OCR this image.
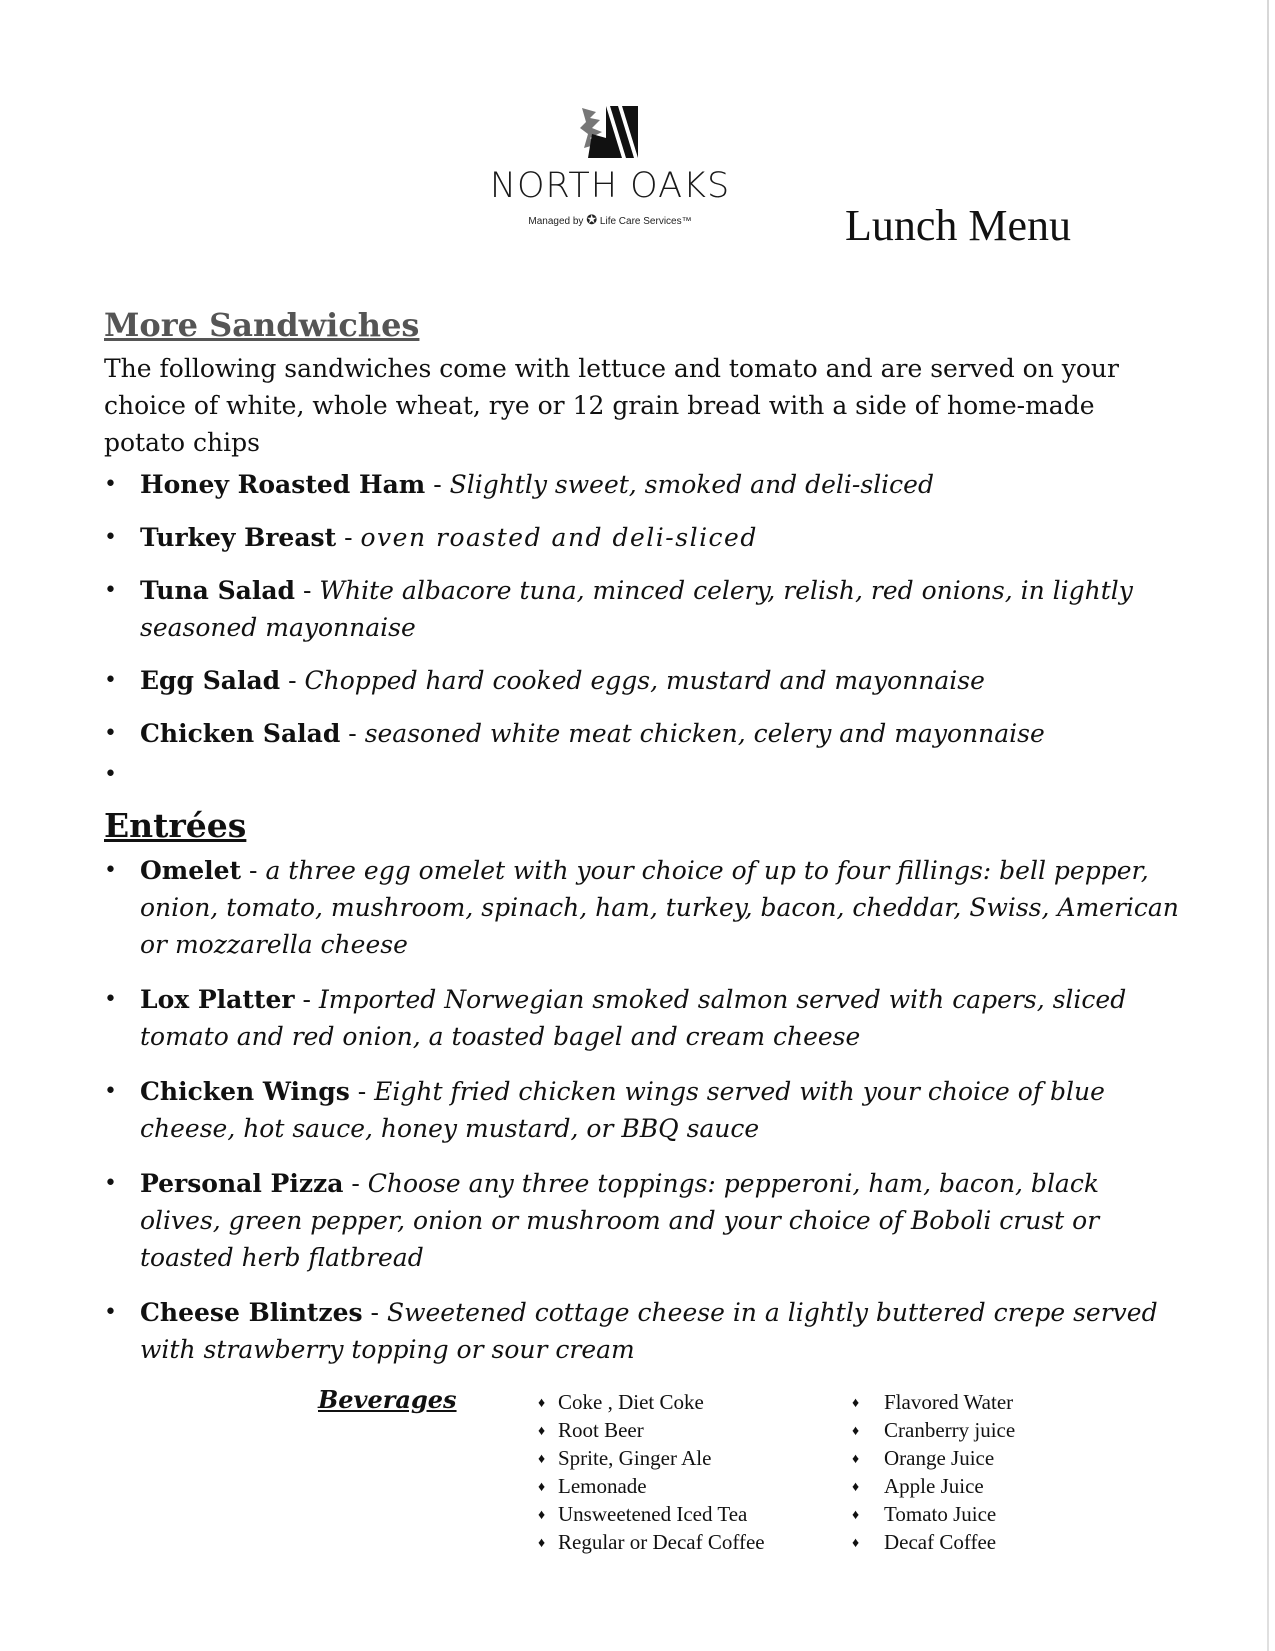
NORTH OAKS
Managed by ✪ Life Care Services™	Lunch Menu
More Sandwiches

The following sandwiches come with lettuce and tomato and are served on your choice of white, whole wheat, rye or 12 grain bread with a side of home-made potato chips

• Honey Roasted Ham - Slightly sweet, smoked and deli-sliced
• Turkey Breast - oven roasted and deli-sliced
• Tuna Salad - White albacore tuna, minced celery, relish, red onions, in lightly seasoned mayonnaise
• Egg Salad - Chopped hard cooked eggs, mustard and mayonnaise
• Chicken Salad - seasoned white meat chicken, celery and mayonnaise
•
Entrées
• Omelet - a three egg omelet with your choice of up to four fillings: bell pepper, onion, tomato, mushroom, spinach, ham, turkey, bacon, cheddar, Swiss, American or mozzarella cheese
• Lox Platter - Imported Norwegian smoked salmon served with capers, sliced tomato and red onion, a toasted bagel and cream cheese
• Chicken Wings - Eight fried chicken wings served with your choice of blue cheese, hot sauce, honey mustard, or BBQ sauce
• Personal Pizza - Choose any three toppings: pepperoni, ham, bacon, black olives, green pepper, onion or mushroom and your choice of Boboli crust or toasted herb flatbread
• Cheese Blintzes - Sweetened cottage cheese in a lightly buttered crepe served with strawberry topping or sour cream
Beverages
♦	Coke , Diet Coke
♦ Root Beer
♦ Sprite, Ginger Ale
♦ Lemonade
♦ Unsweetened Iced Tea
♦ Regular or Decaf Coffee
♦ Flavored Water
♦ Cranberry juice
♦ Orange Juice
♦ Apple Juice
♦ Tomato Juice
♦ Decaf Coffee
